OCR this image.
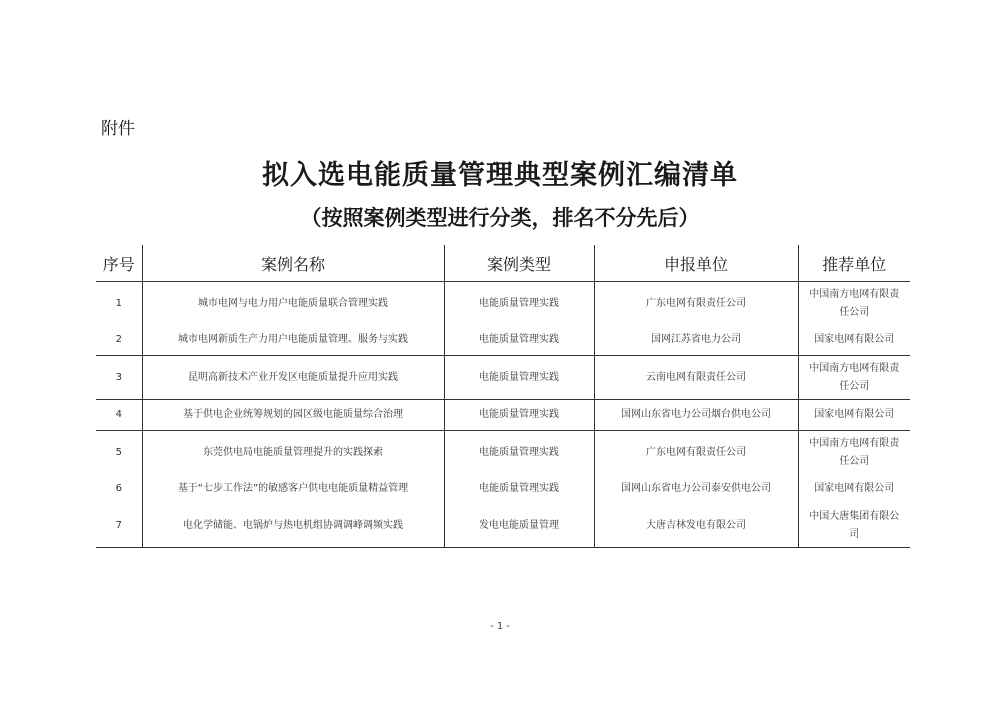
附件
拟入选电能质量管理典型案例汇编清单
（按照案例类型进行分类，排名不分先后）
序号	案例名称	案例类型	申报单位	推荐单位
1	城市电网与电力用户电能质量联合管理实践	电能质量管理实践	广东电网有限责任公司	中国南方电网有限责任公司
2	城市电网新质生产力用户电能质量管理、服务与实践	电能质量管理实践	国网江苏省电力公司	国家电网有限公司
3	昆明高新技术产业开发区电能质量提升应用实践	电能质量管理实践	云南电网有限责任公司	中国南方电网有限责任公司
4	基于供电企业统筹规划的园区级电能质量综合治理	电能质量管理实践	国网山东省电力公司烟台供电公司	国家电网有限公司
5	东莞供电局电能质量管理提升的实践探索	电能质量管理实践	广东电网有限责任公司	中国南方电网有限责任公司
6	基于“七步工作法”的敏感客户供电电能质量精益管理	电能质量管理实践	国网山东省电力公司泰安供电公司	国家电网有限公司
7	电化学储能、电锅炉与热电机组协调调峰调频实践	发电电能质量管理	大唐吉林发电有限公司	中国大唐集团有限公司
- 1 -
